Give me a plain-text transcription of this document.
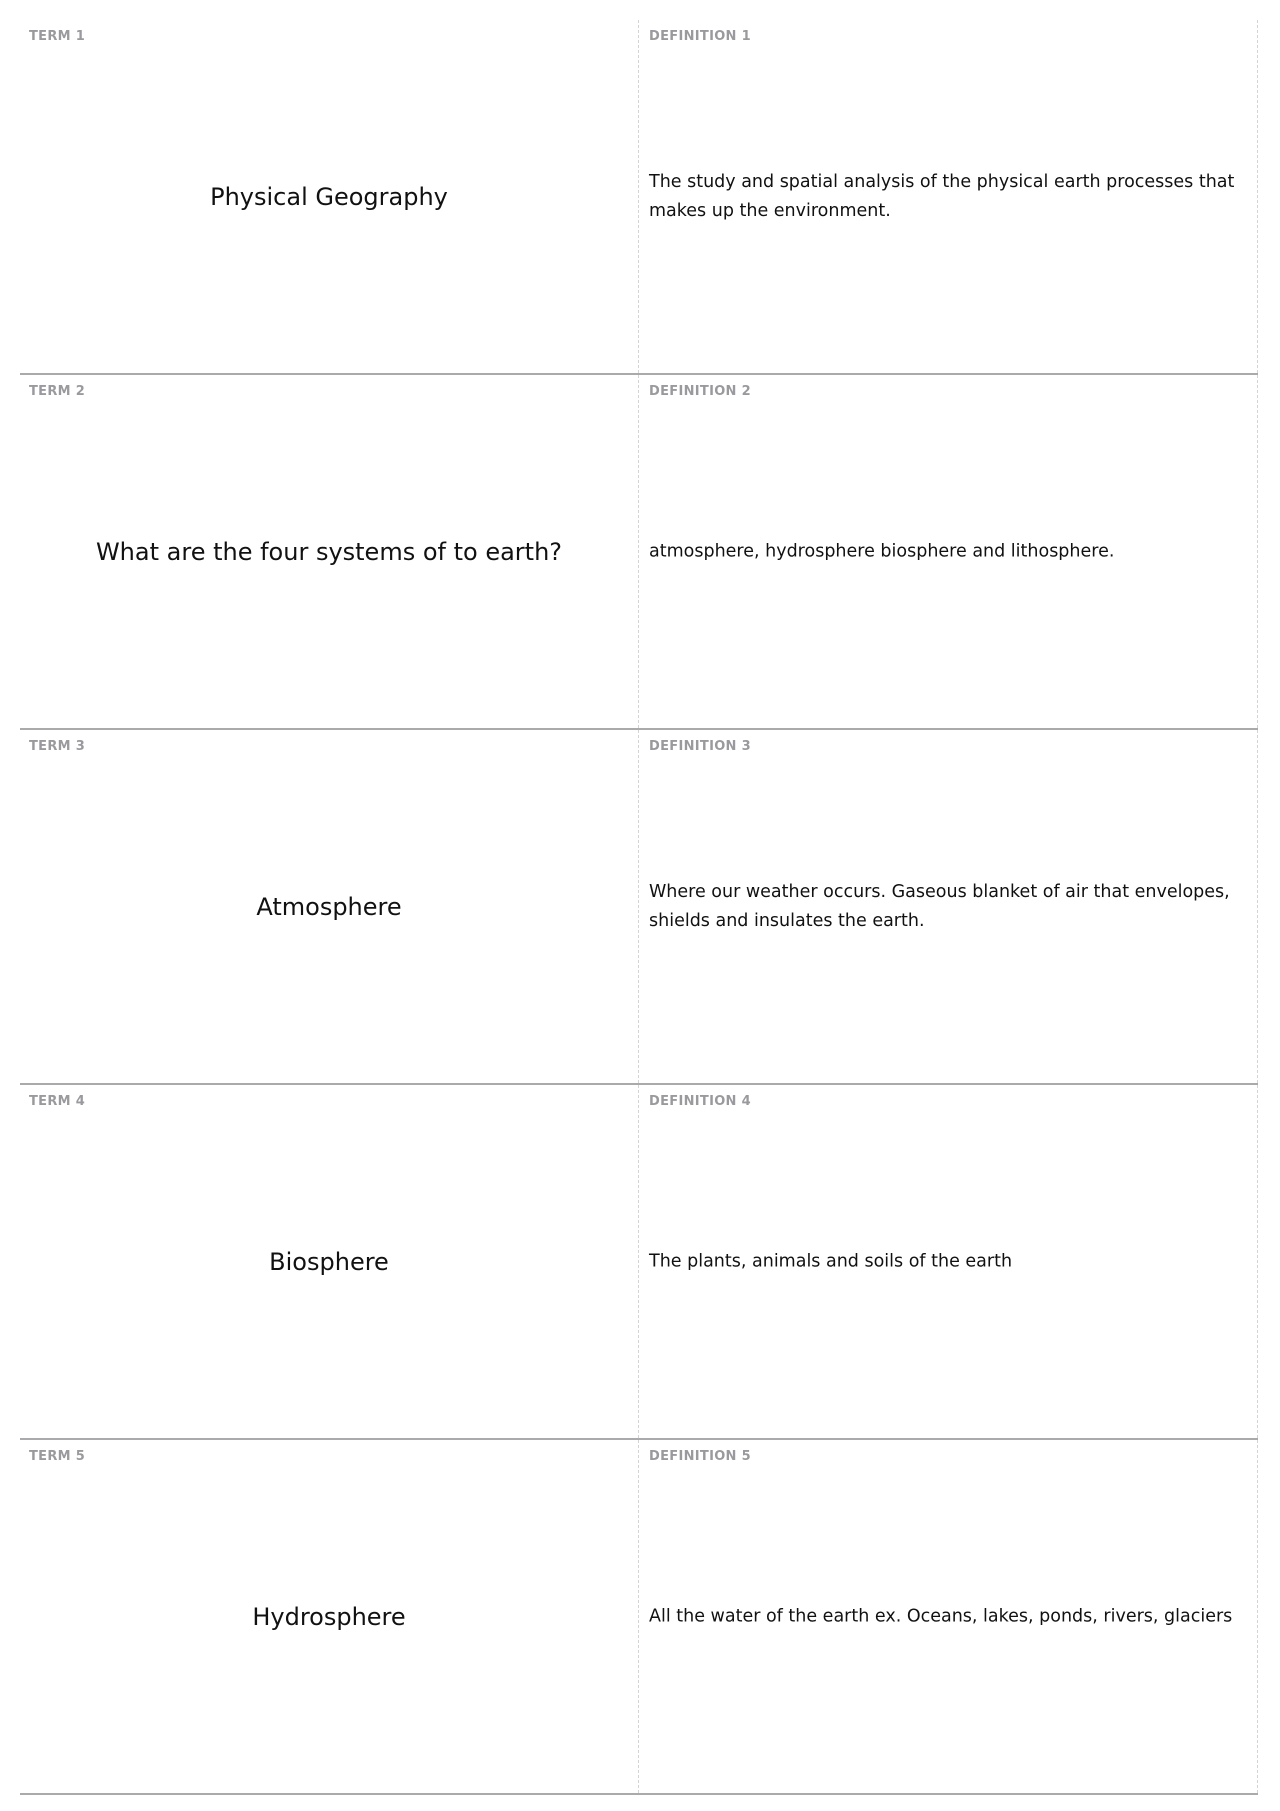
TERM 1
Physical Geography
DEFINITION 1
The study and spatial analysis of the physical earth processes that makes up the environment.
TERM 2
What are the four systems of to earth?
DEFINITION 2
atmosphere, hydrosphere biosphere and lithosphere.
TERM 3
Atmosphere
DEFINITION 3
Where our weather occurs. Gaseous blanket of air that envelopes, shields and insulates the earth.
TERM 4
Biosphere
DEFINITION 4
The plants, animals and soils of the earth
TERM 5
Hydrosphere
DEFINITION 5
All the water of the earth ex. Oceans, lakes, ponds, rivers, glaciers
